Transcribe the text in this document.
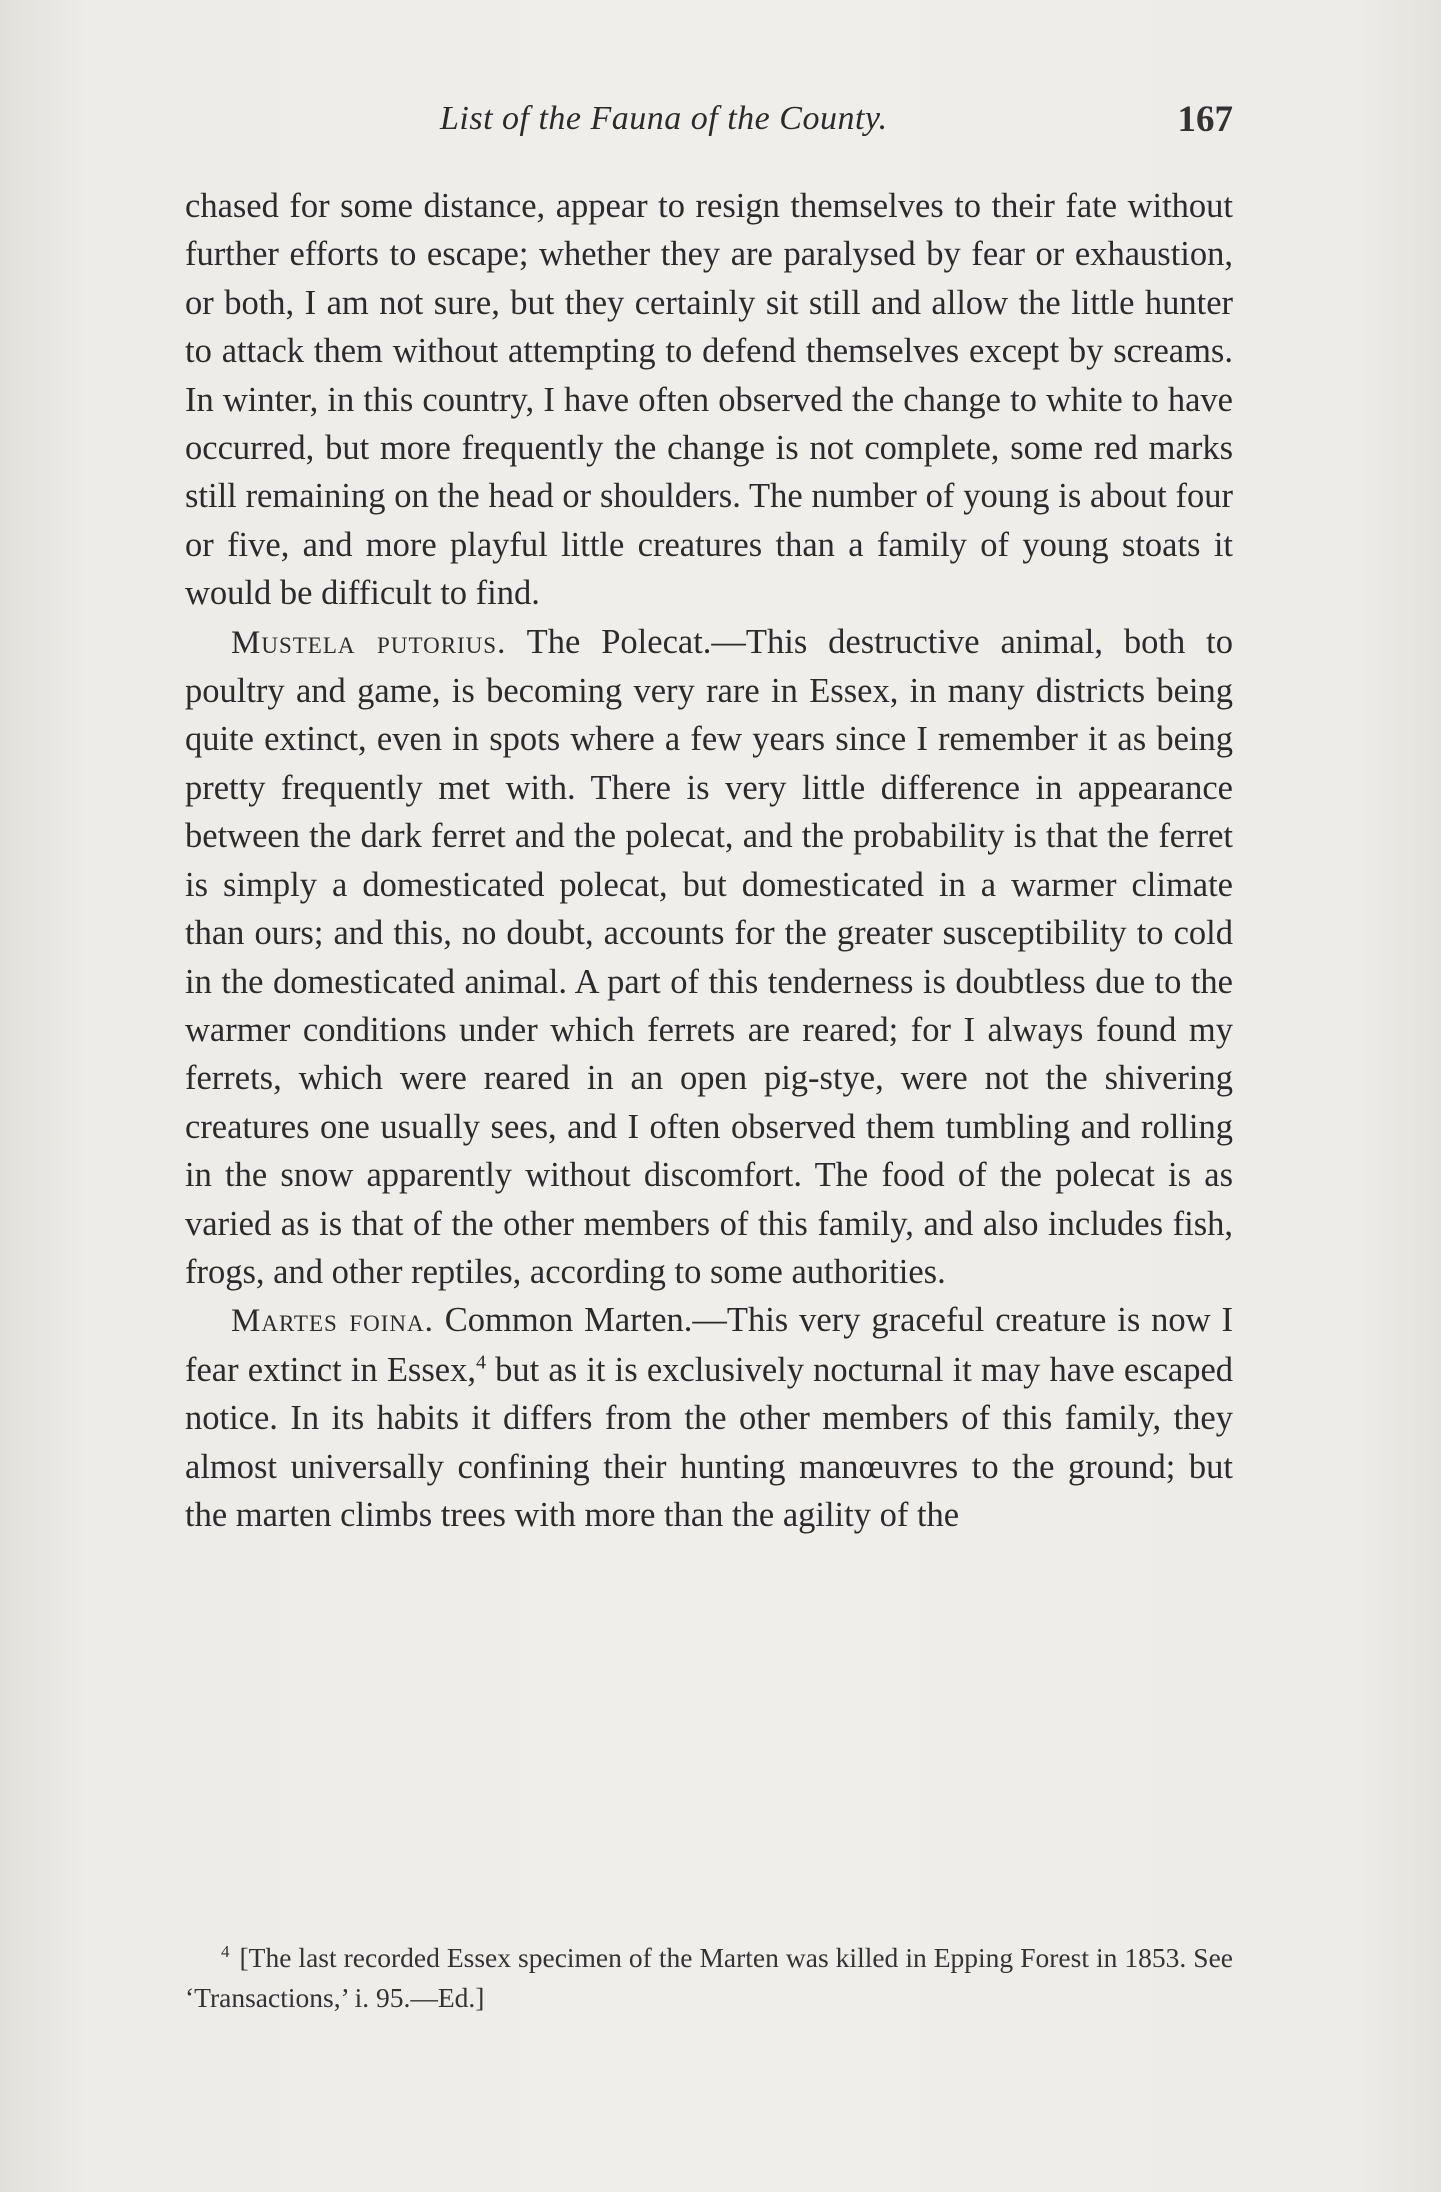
List of the Fauna of the County.	167

chased for some distance, appear to resign themselves to their fate without further efforts to escape; whether they are paralysed by fear or exhaustion, or both, I am not sure, but they certainly sit still and allow the little hunter to attack them without attempting to defend themselves except by screams. In winter, in this country, I have often observed the change to white to have occurred, but more frequently the change is not complete, some red marks still remaining on the head or shoulders. The number of young is about four or five, and more playful little creatures than a family of young stoats it would be difficult to find.

Mustela putorius. The Polecat.—This destructive animal, both to poultry and game, is becoming very rare in Essex, in many districts being quite extinct, even in spots where a few years since I remember it as being pretty frequently met with. There is very little difference in appearance between the dark ferret and the polecat, and the probability is that the ferret is simply a domesticated polecat, but domesticated in a warmer climate than ours; and this, no doubt, accounts for the greater susceptibility to cold in the domesticated animal. A part of this tenderness is doubtless due to the warmer conditions under which ferrets are reared; for I always found my ferrets, which were reared in an open pig-stye, were not the shivering creatures one usually sees, and I often observed them tumbling and rolling in the snow apparently without discomfort. The food of the polecat is as varied as is that of the other members of this family, and also includes fish, frogs, and other reptiles, according to some authorities.

Martes foina. Common Marten.—This very graceful creature is now I fear extinct in Essex,$^4$ but as it is exclusively nocturnal it may have escaped notice. In its habits it differs from the other members of this family, they almost universally confining their hunting manœuvres to the ground; but the marten climbs trees with more than the agility of the

$^4$ [The last recorded Essex specimen of the Marten was killed in Epping Forest in 1853. See ‘Transactions,’ i. 95.—Ed.]
